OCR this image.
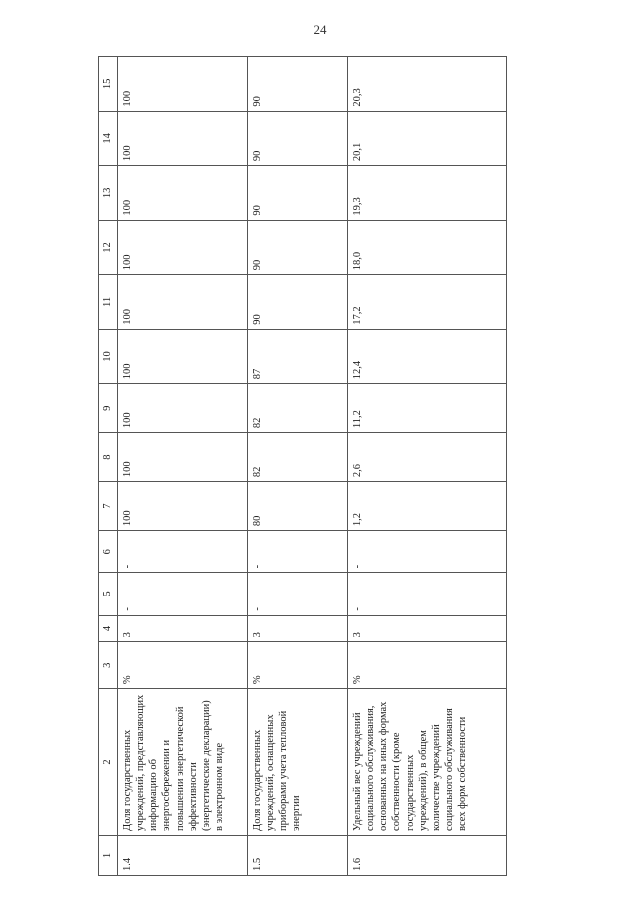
24
1	2	3	4	5	6	7	8	9	10	11	12	13	14	15
1.4	Доля государственных учреждений, представляющих информацию об энергосбережении и повышении энергетической эффективности (энергетические декларации) в электронном виде	%	3	-	-	100	100	100	100	100	100	100	100	100
1.5	Доля государственных учреждений, оснащенных приборами учета тепловой энергии	%	3	-	-	80	82	82	87	90	90	90	90	90
1.6	Удельный вес учреждений социального обслуживания, основанных на иных формах собственности (кроме государственных учреждений), в общем количестве учреждений социального обслуживания всех форм собственности	%	3	-	-	1,2	2,6	11,2	12,4	17,2	18,0	19,3	20,1	20,3
